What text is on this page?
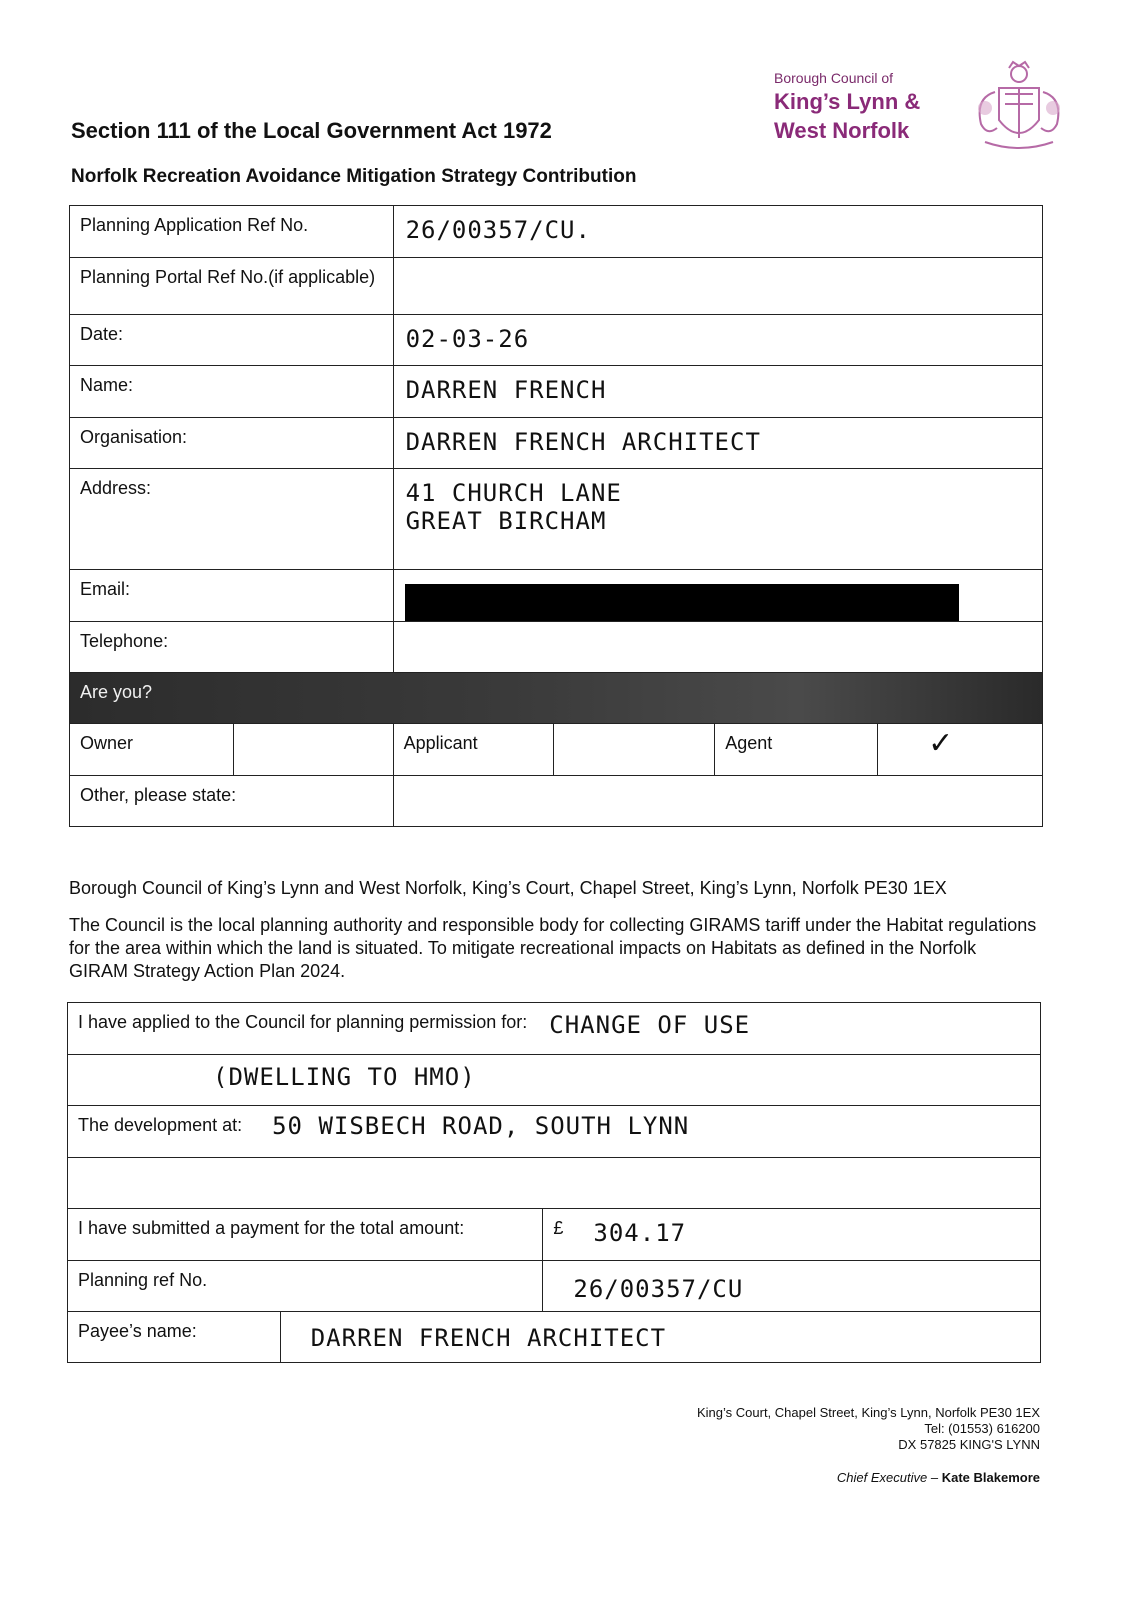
Section 111 of the Local Government Act 1972
Norfolk Recreation Avoidance Mitigation Strategy Contribution
Borough Council of
King’s Lynn &
West Norfolk
Planning Application Ref No.		26/00357/CU.			

Planning Portal Ref No.(if applicable)					

Date:		02-03-26			

Name:		DARREN FRENCH			

Organisation:		DARREN FRENCH ARCHITECT			

Address:		41 CHURCH LANE
GREAT BIRCHAM			

Email:					

Telephone:					

Are you?					

Owner		Applicant		Agent	✓

Other, please state:					

Borough Council of King’s Lynn and West Norfolk, King’s Court, Chapel Street, King’s Lynn, Norfolk PE30 1EX
The Council is the local planning authority and responsible body for collecting GIRAMS tariff under the Habitat regulations for the area within which the land is situated. To mitigate recreational impacts on Habitats as defined in the Norfolk GIRAM Strategy Action Plan 2024.
I have applied to the Council for planning permission for: CHANGE OF USE		

(DWELLING TO HMO)		

The development at: 50 WISBECH ROAD, SOUTH LYNN		

I have submitted a payment for the total amount:		£ 304.17

Planning ref No.		26/00357/CU

Payee’s name:	DARREN FRENCH ARCHITECT	
King’s Court, Chapel Street, King’s Lynn, Norfolk PE30 1EX
Tel: (01553) 616200
DX 57825 KING'S LYNN
Chief Executive – Kate Blakemore
